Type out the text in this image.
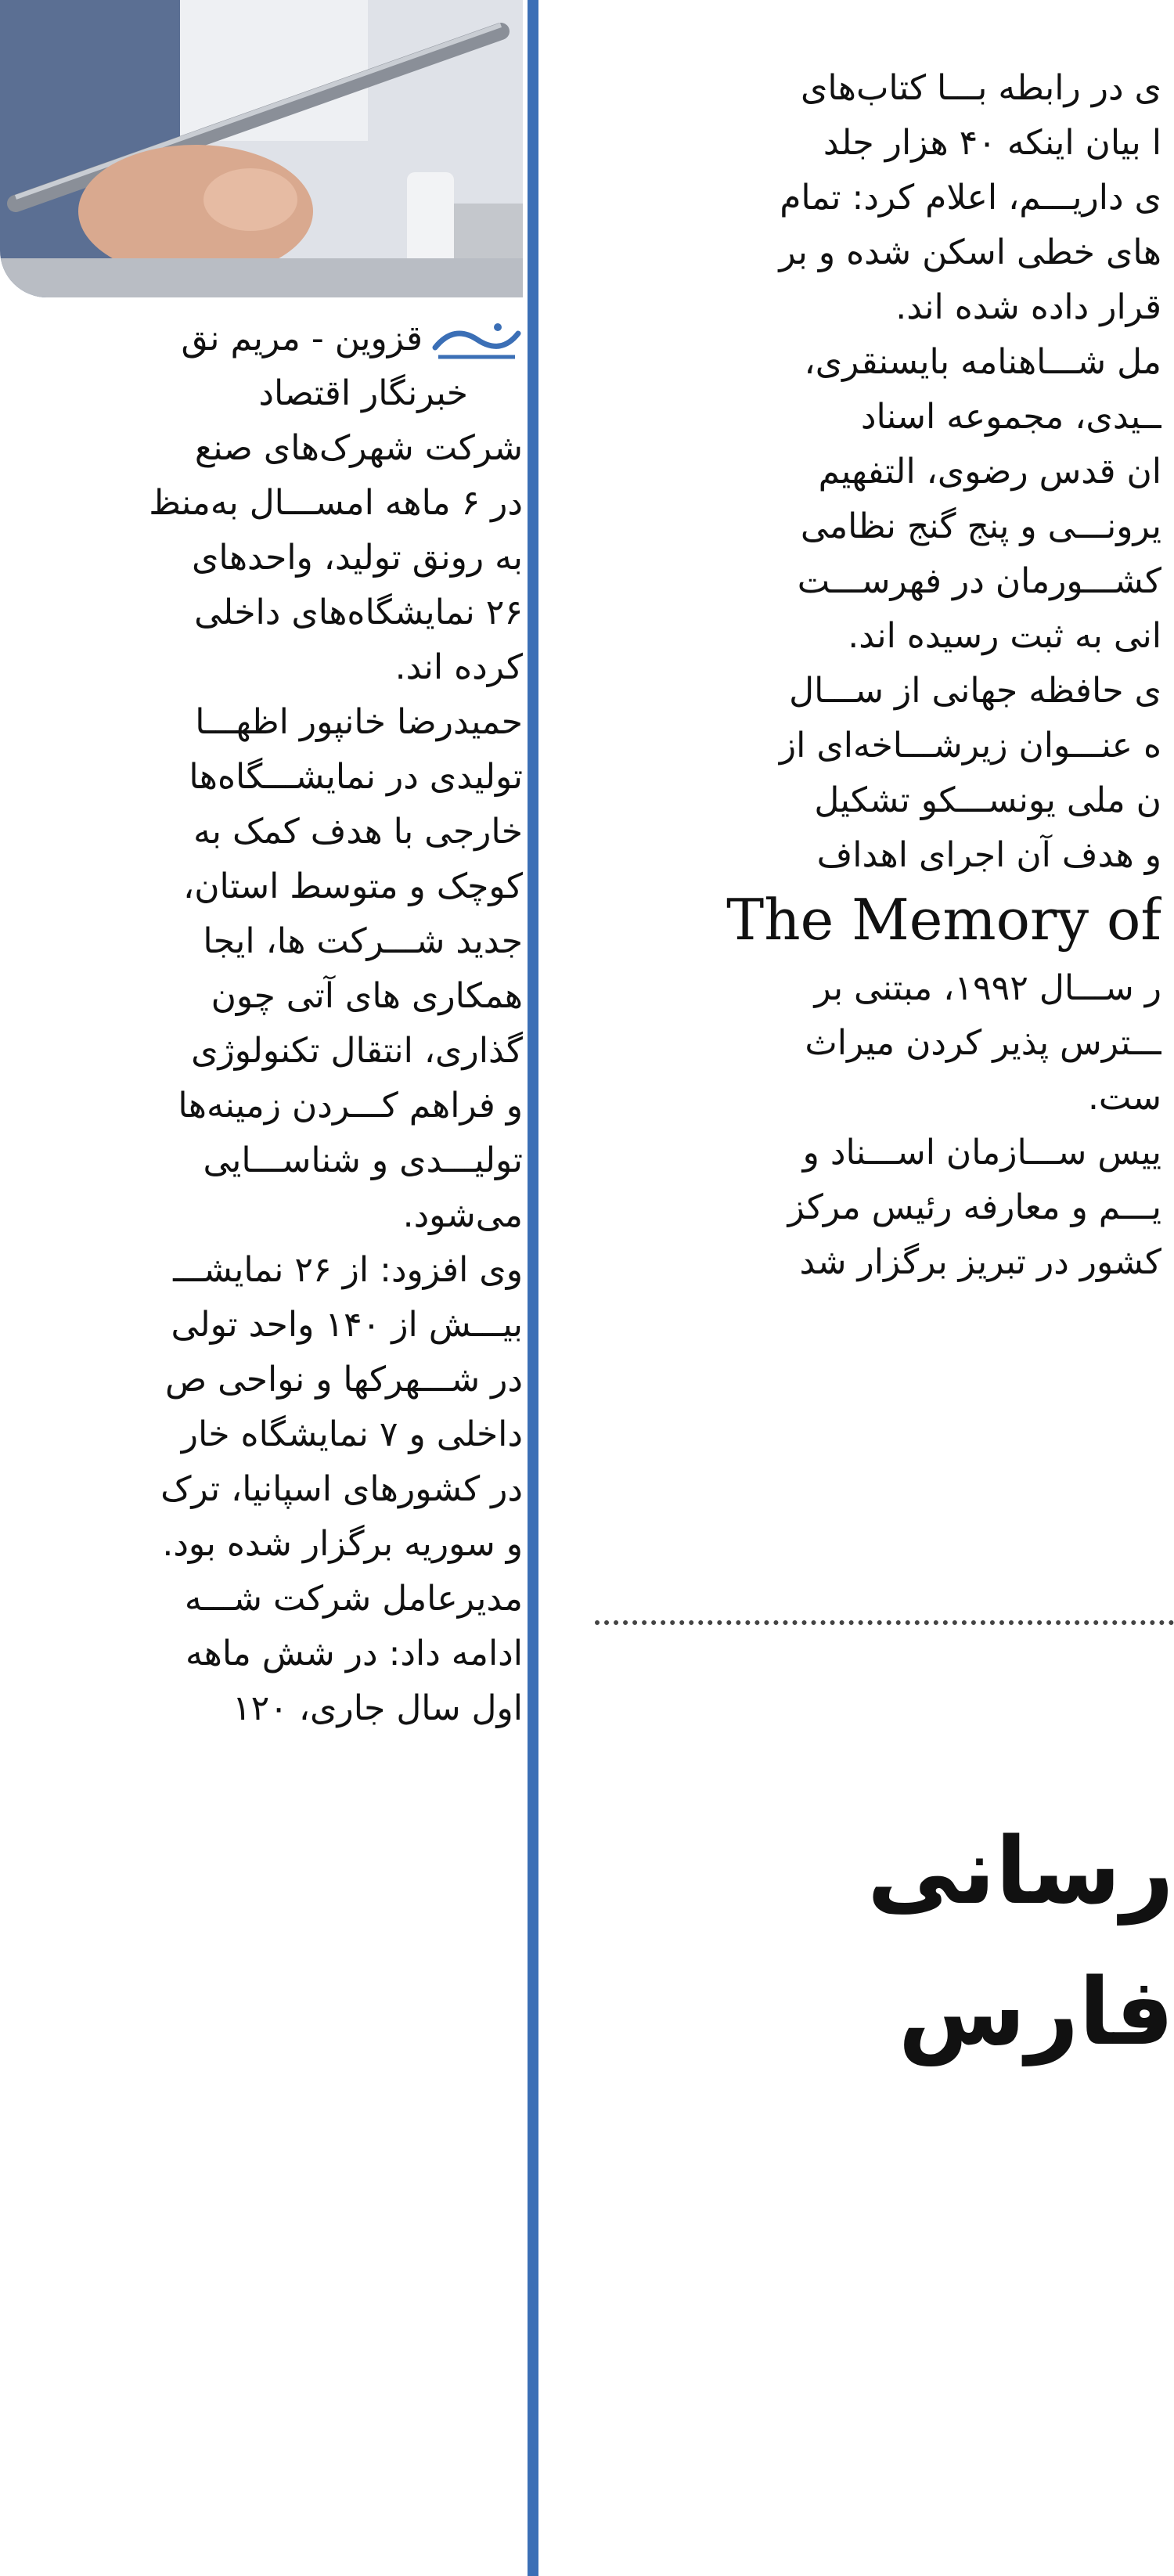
ی در رابطه بـــا کتاب‌های
ا بیان اینکه ۴۰ هزار جلد
ی داریـــم، اعلام کرد: تمام
های خطی اسکن شده و بر
قرار داده شده اند.
مل شـــاهنامه بایسنقری،
ــیدی، مجموعه اسناد
ان قدس رضوی، التفهیم
یرونـــی و پنج گنج نظامی
کشـــورمان در فهرســـت
انی به ثبت رسیده اند.
ی حافظه جهانی از ســـال
ه عنـــوان زیرشـــاخه‌ای از
ن ملی یونســـکو تشکیل
و هدف آن اجرای اهداف
The Memory of
ر ســـال ۱۹۹۲، مبتنی بر
ـــترس پذیر کردن میراث
ست.
ییس ســـازمان اســـناد و
یـــم و معارفه رئیس مرکز
کشور در تبریز برگزار شد
رسانی
فارس
قزوین - مریم نق
خبرنگار اقتصاد
شرکت شهرک‌های صنع
در ۶ ماهه امســـال به‌منظ
به رونق تولید، واحدهای
۲۶ نمایشگاه‌های داخلی
کرده اند.
حمیدرضا خانپور اظهـــا
تولیدی در نمایشـــگاه‌ها
خارجی با هدف کمک به
کوچک و متوسط استان،
جدید شـــرکت ها، ایجا
همکاری های آتی چون
گذاری، انتقال تکنولوژی
و فراهم کـــردن زمینه‌ها
تولیـــدی و شناســـایی
می‌شود.
وی افزود: از ۲۶ نمایشـــ
بیـــش از ۱۴۰ واحد تولی
در شـــهرکها و نواحی ص
داخلی و ۷ نمایشگاه خار
در کشورهای اسپانیا، ترک
و سوریه برگزار شده بود.
مدیرعامل شرکت شـــه
ادامه داد: در شش ماهه
اول سال جاری، ۱۲۰
